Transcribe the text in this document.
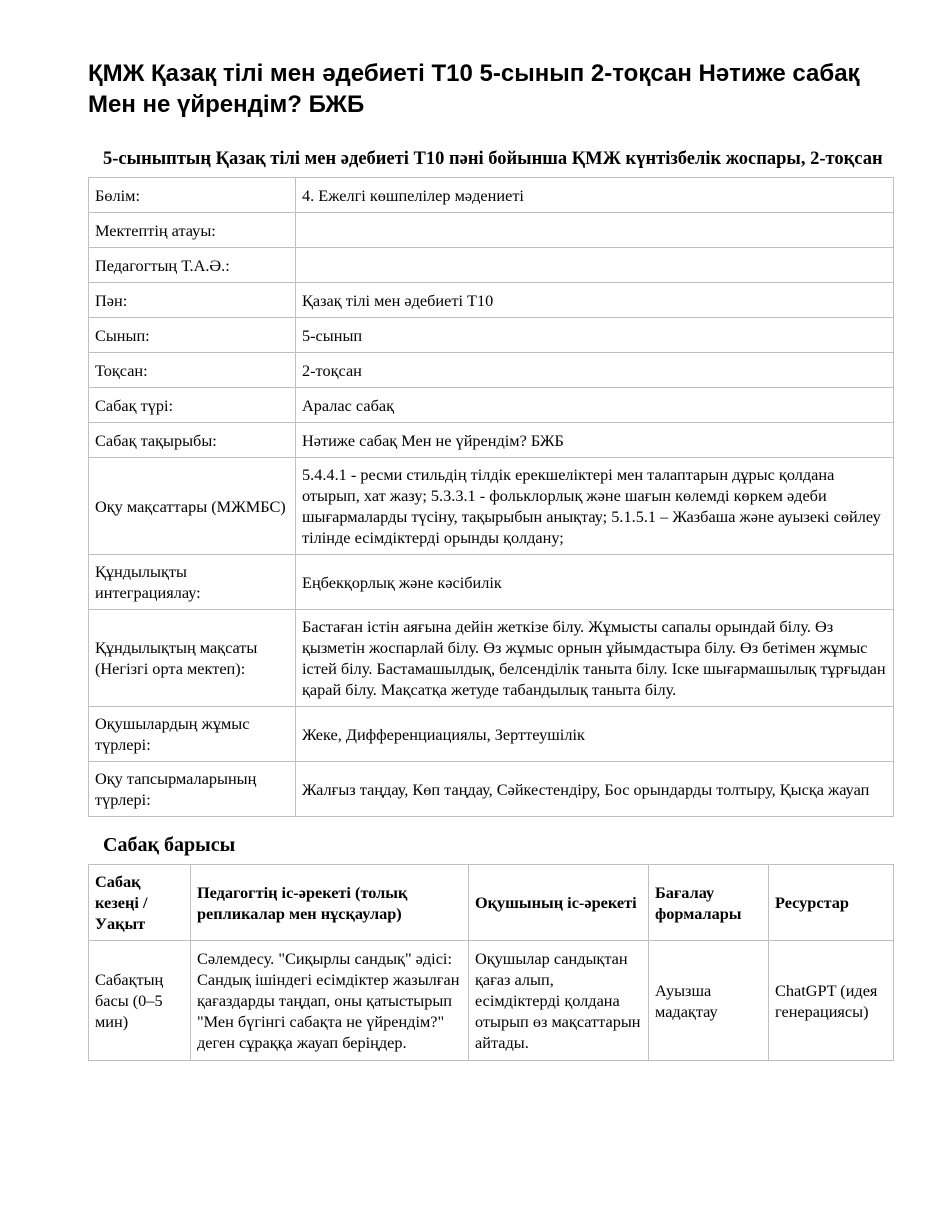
ҚМЖ Қазақ тілі мен әдебиеті Т10 5-сынып 2-тоқсан Нәтиже сабақ Мен не үйрендім? БЖБ
5-сыныптың Қазақ тілі мен әдебиеті Т10 пәні бойынша ҚМЖ күнтізбелік жоспары, 2-тоқсан
Бөлім:	4. Ежелгі көшпелілер мәдениеті
Мектептің атауы:	
Педагогтың Т.А.Ә.:	
Пән:	Қазақ тілі мен әдебиеті Т10
Сынып:	5-сынып
Тоқсан:	2-тоқсан
Сабақ түрі:	Аралас сабақ
Сабақ тақырыбы:	Нәтиже сабақ Мен не үйрендім? БЖБ
Оқу мақсаттары (МЖМБС)	5.4.4.1 - ресми стильдің тілдік ерекшеліктері мен талаптарын дұрыс қолдана отырып, хат жазу; 5.3.3.1 - фольклорлық және шағын көлемді көркем әдеби шығармаларды түсіну, тақырыбын анықтау; 5.1.5.1 – Жазбаша және ауызекі сөйлеу тілінде есімдіктерді орынды қолдану;
Құндылықты интеграциялау:	Еңбекқорлық және кәсібилік
Құндылықтың мақсаты (Негізгі орта мектеп):	Бастаған істін аяғына дейін жеткізе білу. Жұмысты сапалы орындай білу. Өз қызметін жоспарлай білу. Өз жұмыс орнын ұйымдастыра білу. Өз бетімен жұмыс істей білу. Бастамашылдық, белсенділік таныта білу. Іске шығармашылық тұрғыдан қарай білу. Мақсатқа жетуде табандылық таныта білу.
Оқушылардың жұмыс түрлері:	Жеке, Дифференциациялы, Зерттеушілік
Оқу тапсырмаларының түрлері:	Жалғыз таңдау, Көп таңдау, Сәйкестендіру, Бос орындарды толтыру, Қысқа жауап
Сабақ барысы
Сабақ кезеңі / Уақыт	Педагогтің іс-әрекеті (толық репликалар мен нұсқаулар)	Оқушының іс-әрекеті	Бағалау формалары	Ресурстар
Сабақтың басы (0–5 мин)	Сәлемдесу. "Сиқырлы сандық" әдісі: Сандық ішіндегі есімдіктер жазылған қағаздарды таңдап, оны қатыстырып "Мен бүгінгі сабақта не үйрендім?" деген сұраққа жауап беріңдер.	Оқушылар сандықтан қағаз алып, есімдіктерді қолдана отырып өз мақсаттарын айтады.	Ауызша мадақтау	ChatGPT (идея генерациясы)
